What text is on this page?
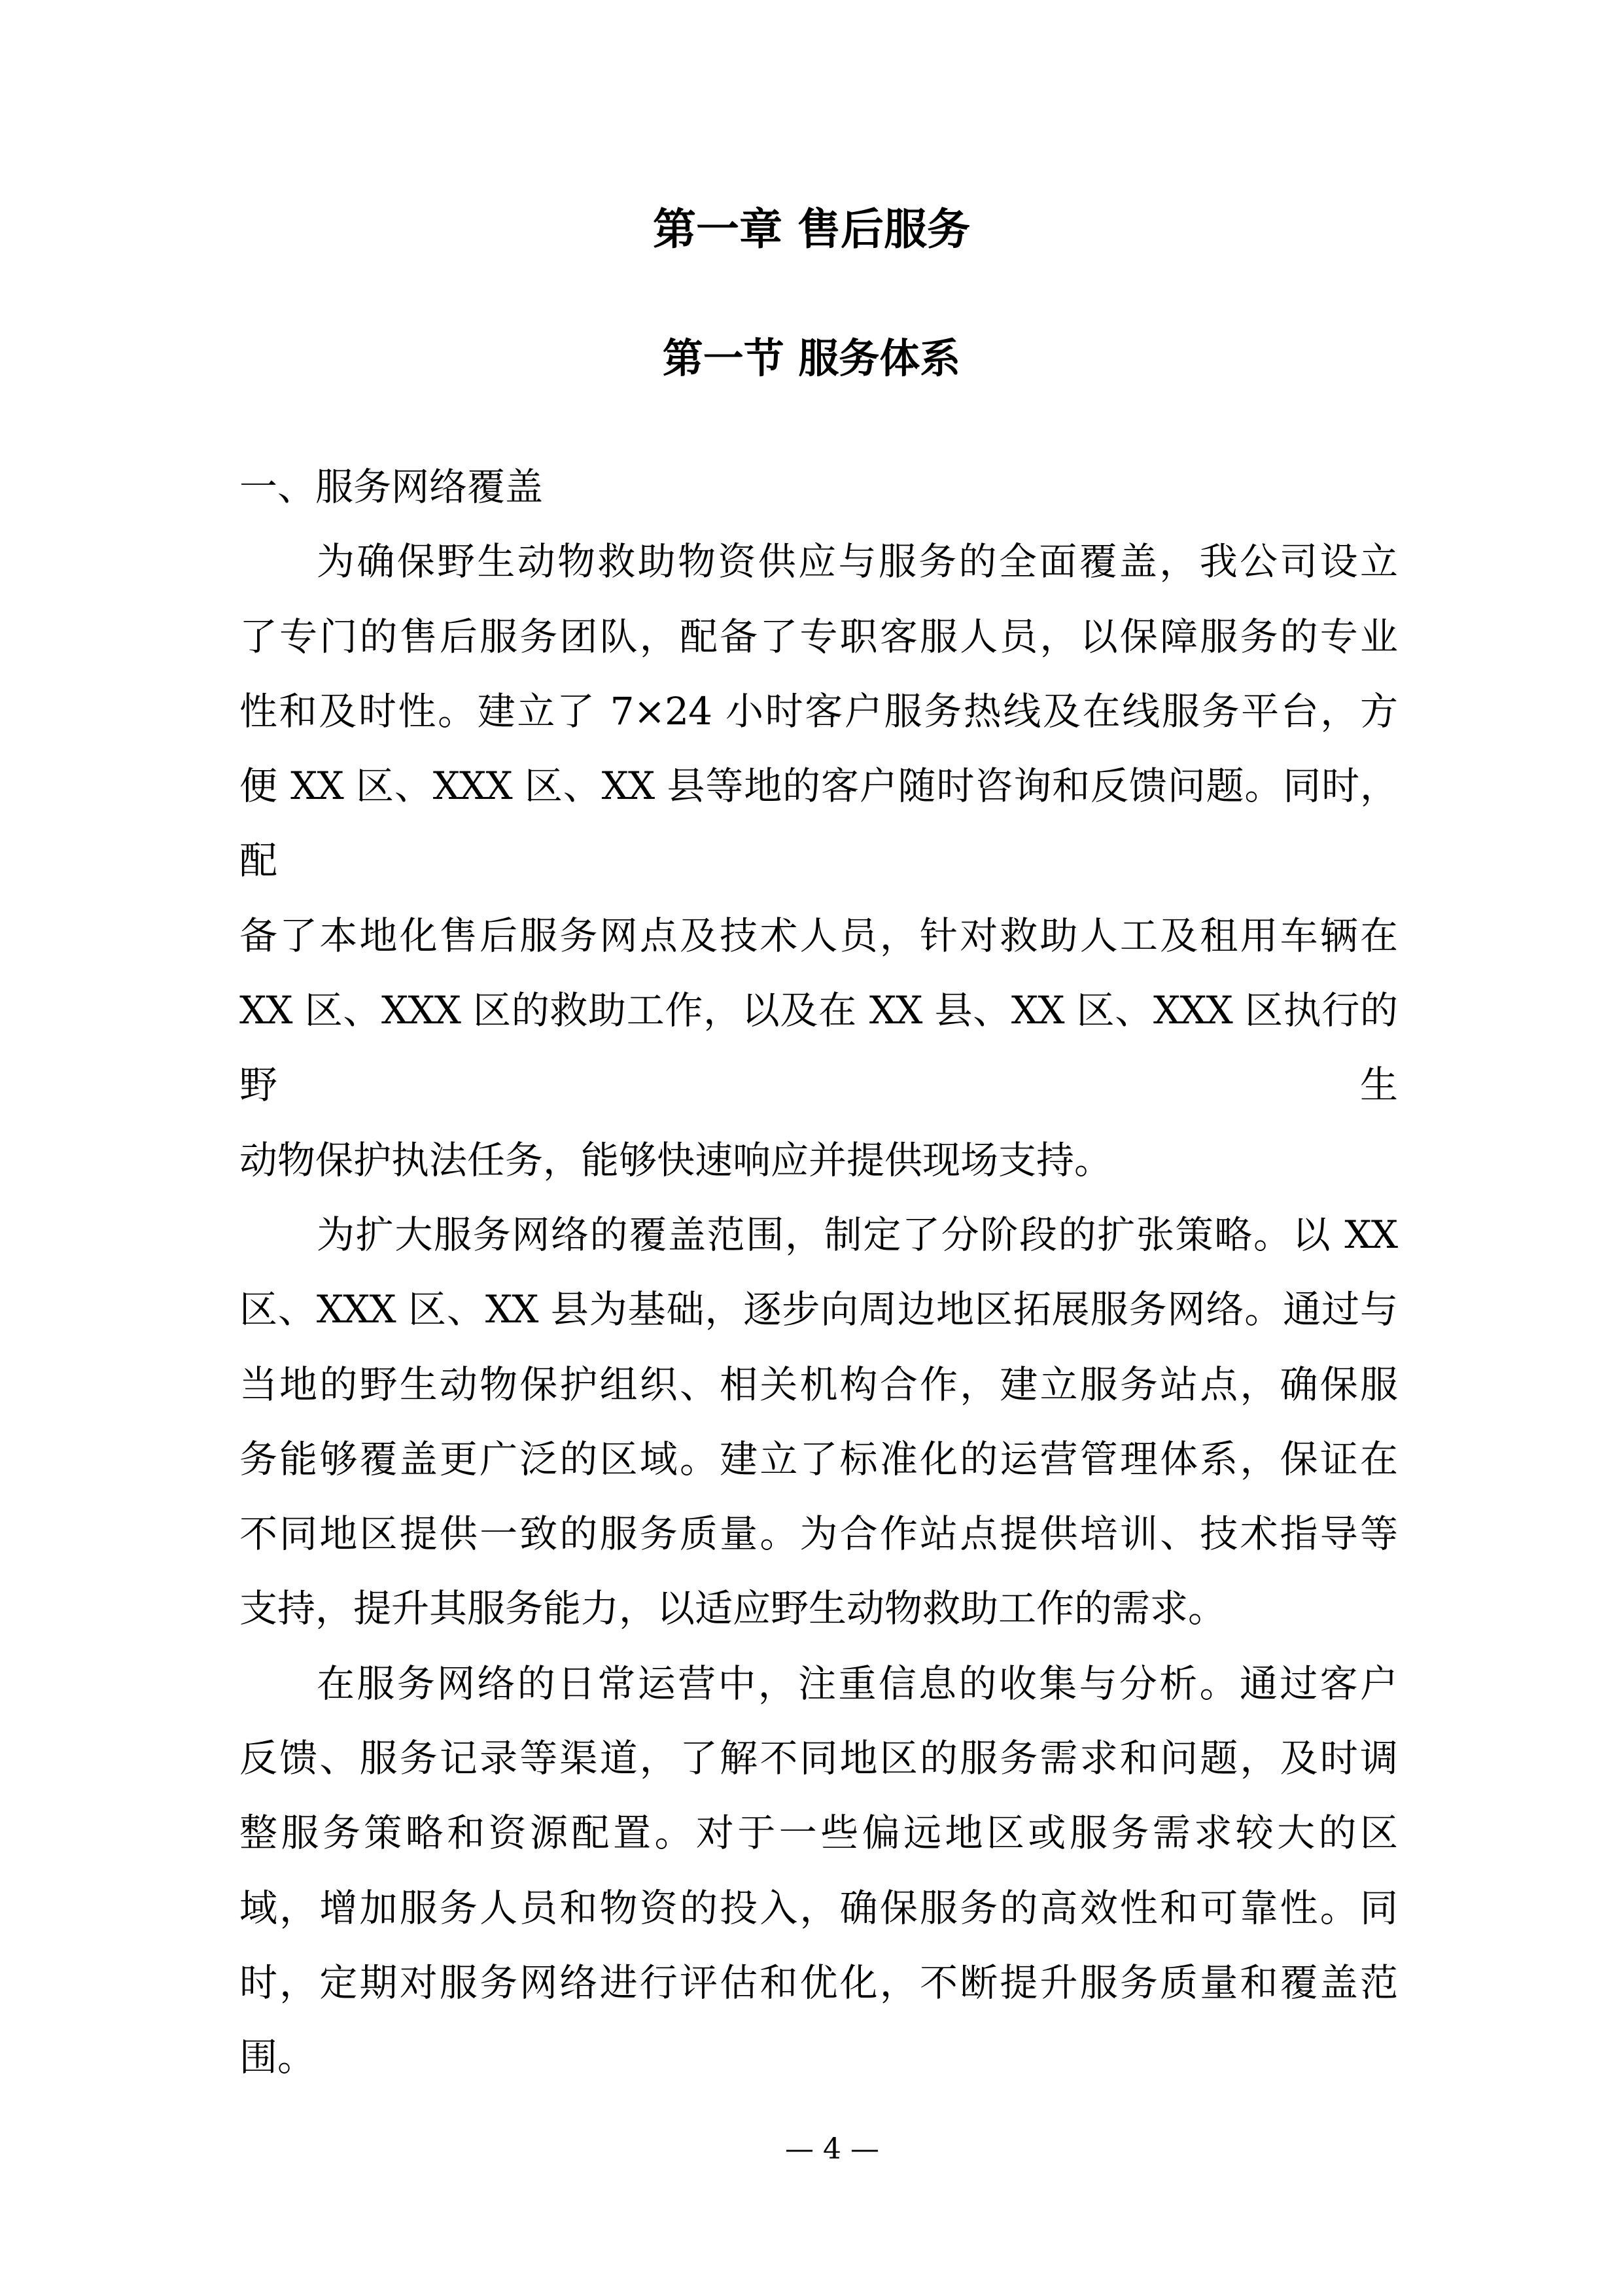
第一章 售后服务
第一节 服务体系
一、服务网络覆盖
为确保野生动物救助物资供应与服务的全面覆盖，我公司设立
了专门的售后服务团队，配备了专职客服人员，以保障服务的专业
性和及时性。建立了 7×24 小时客户服务热线及在线服务平台，方
便 XX 区、XXX 区、XX 县等地的客户随时咨询和反馈问题。同时，配
备了本地化售后服务网点及技术人员，针对救助人工及租用车辆在
XX 区、XXX 区的救助工作，以及在 XX 县、XX 区、XXX 区执行的野生
动物保护执法任务，能够快速响应并提供现场支持。
为扩大服务网络的覆盖范围，制定了分阶段的扩张策略。以 XX
区、XXX 区、XX 县为基础，逐步向周边地区拓展服务网络。通过与
当地的野生动物保护组织、相关机构合作，建立服务站点，确保服
务能够覆盖更广泛的区域。建立了标准化的运营管理体系，保证在
不同地区提供一致的服务质量。为合作站点提供培训、技术指导等
支持，提升其服务能力，以适应野生动物救助工作的需求。
在服务网络的日常运营中，注重信息的收集与分析。通过客户
反馈、服务记录等渠道，了解不同地区的服务需求和问题，及时调
整服务策略和资源配置。对于一些偏远地区或服务需求较大的区
域，增加服务人员和物资的投入，确保服务的高效性和可靠性。同
时，定期对服务网络进行评估和优化，不断提升服务质量和覆盖范
围。
— 4 —
